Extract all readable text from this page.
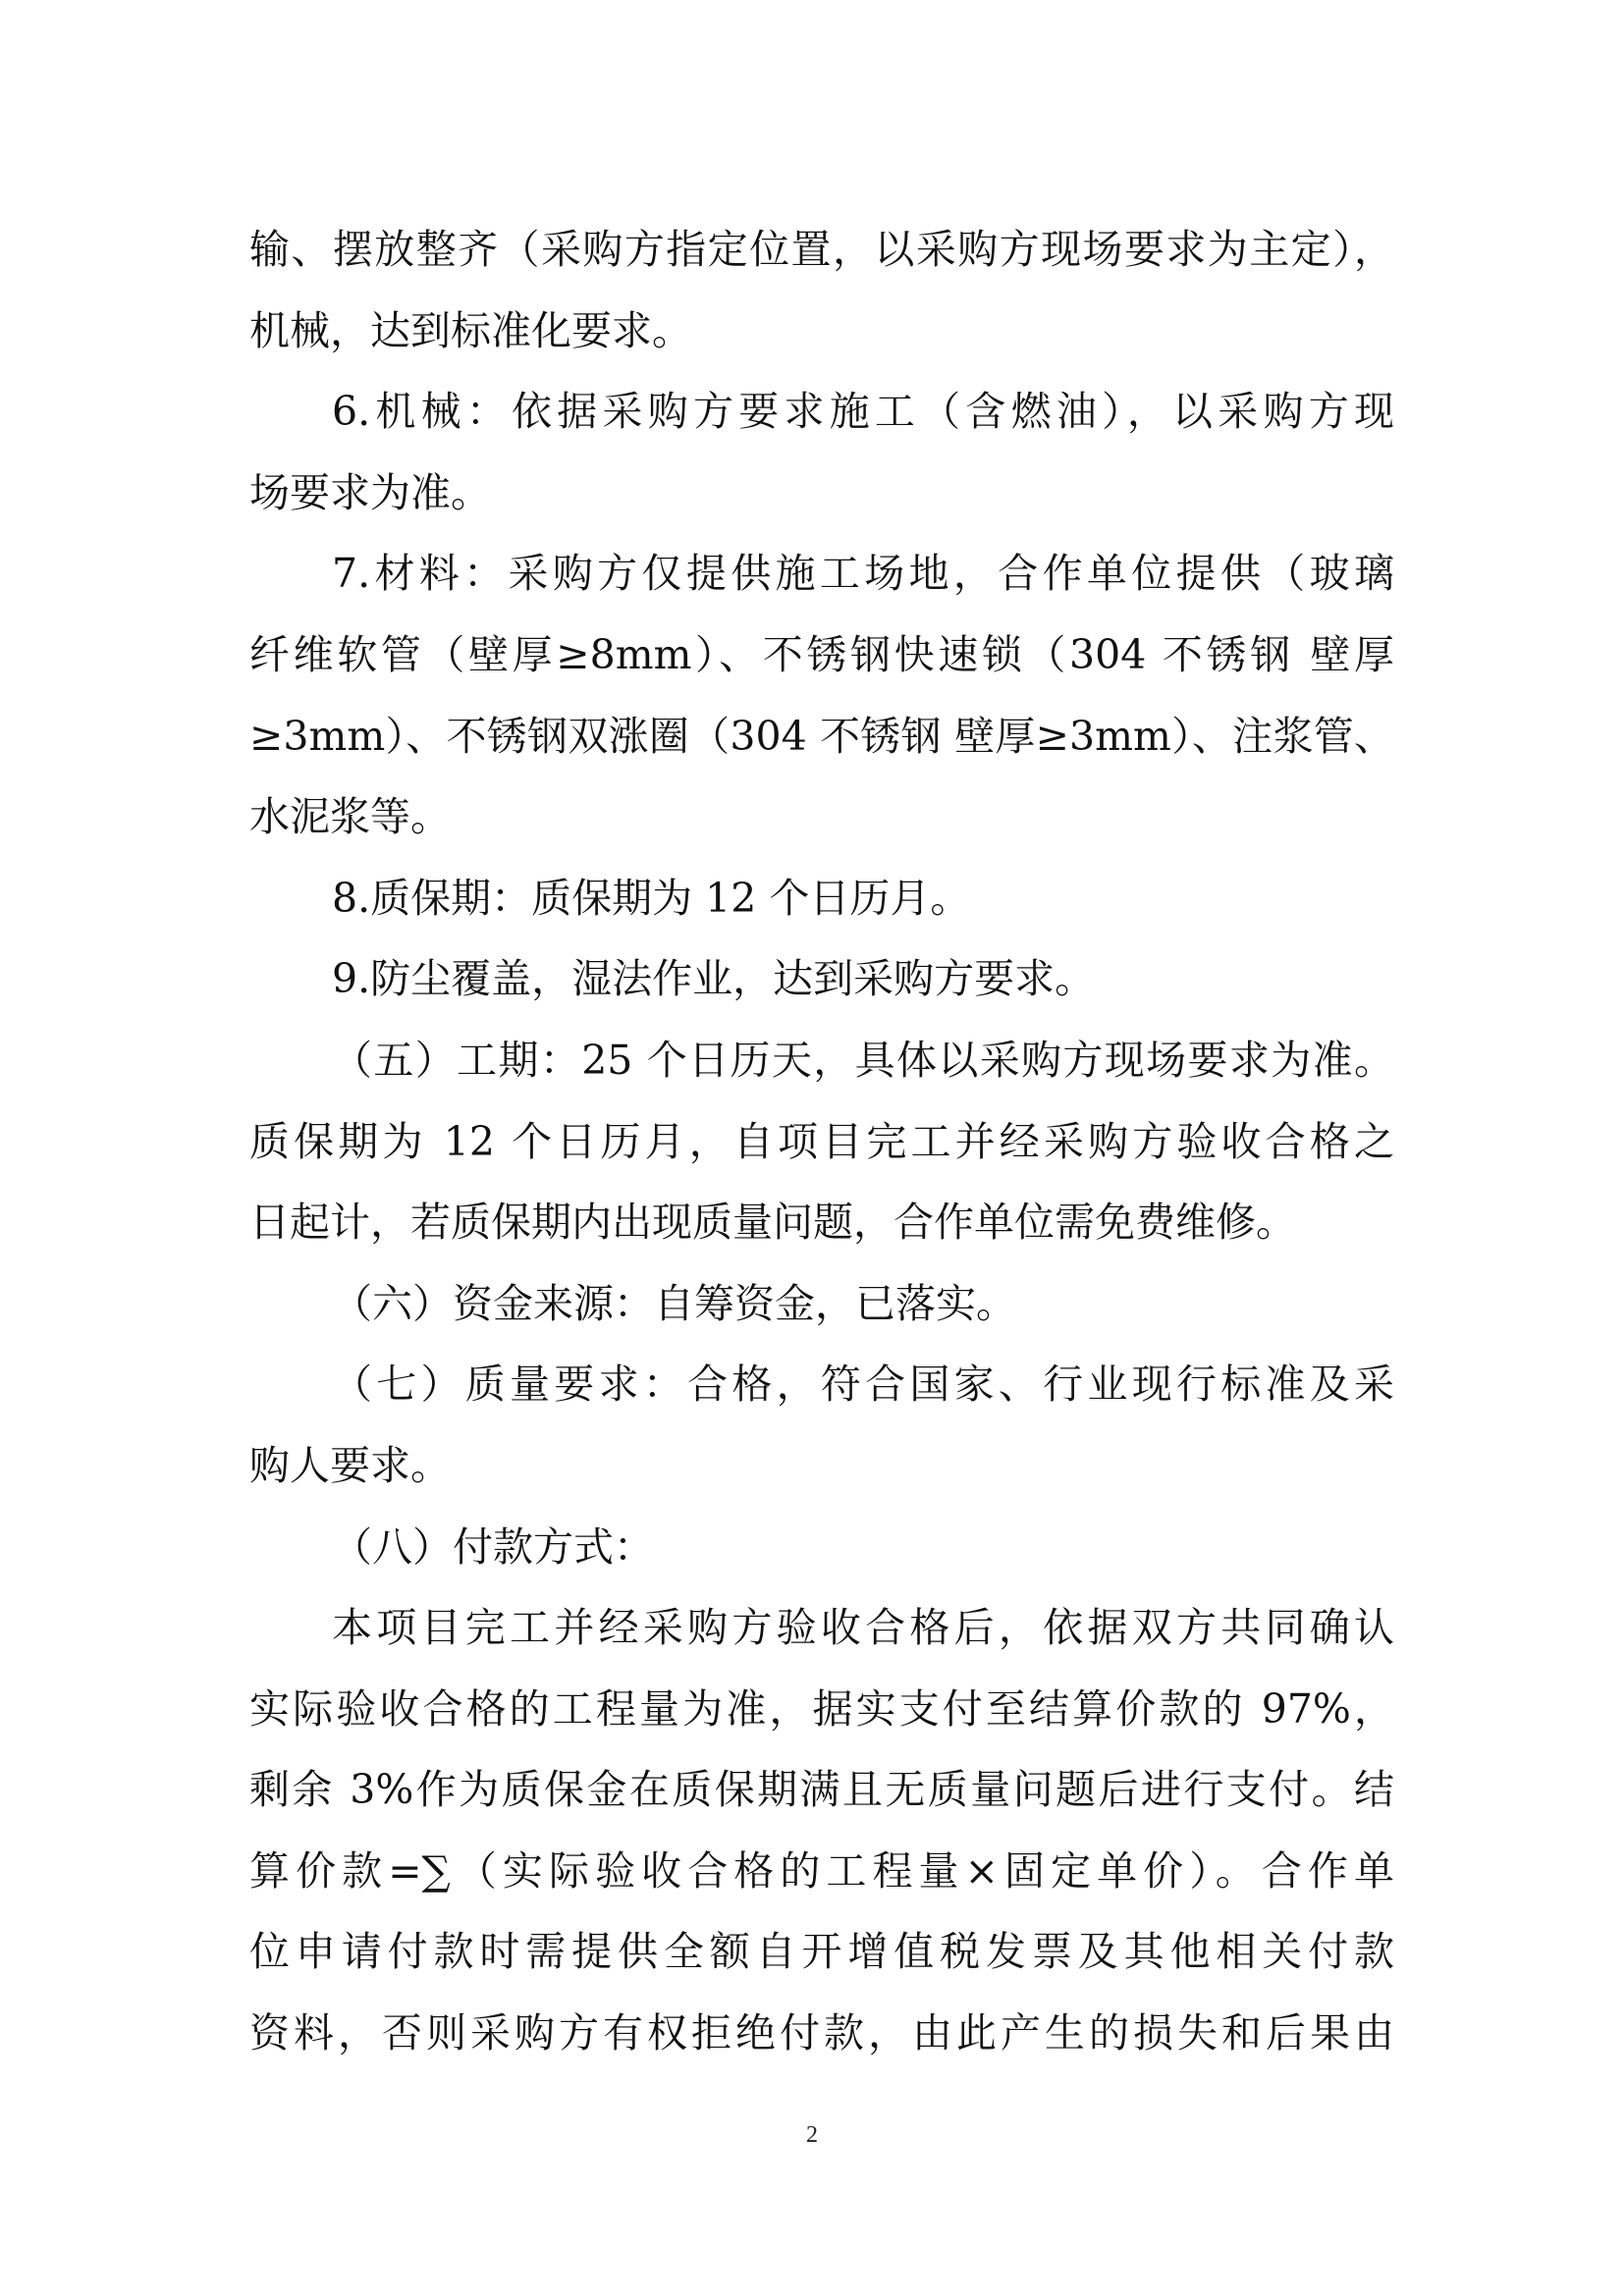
输、摆放整齐（采购方指定位置，以采购方现场要求为主定），
机械，达到标准化要求。
6.机械：依据采购方要求施工（含燃油），以采购方现
场要求为准。
7.材料：采购方仅提供施工场地，合作单位提供（玻璃
纤维软管（壁厚≥8mm）、不锈钢快速锁（304 不锈钢 壁厚
≥3mm）、不锈钢双涨圈（304 不锈钢 壁厚≥3mm）、注浆管、
水泥浆等。
8.质保期：质保期为 12 个日历月。
9.防尘覆盖，湿法作业，达到采购方要求。
（五）工期：25 个日历天，具体以采购方现场要求为准。
质保期为 12 个日历月，自项目完工并经采购方验收合格之
日起计，若质保期内出现质量问题，合作单位需免费维修。
（六）资金来源：自筹资金，已落实。
（七）质量要求：合格，符合国家、行业现行标准及采
购人要求。
（八）付款方式：
本项目完工并经采购方验收合格后，依据双方共同确认
实际验收合格的工程量为准，据实支付至结算价款的 97%，
剩余 3%作为质保金在质保期满且无质量问题后进行支付。结
算价款=∑（实际验收合格的工程量×固定单价）。合作单
位申请付款时需提供全额自开增值税发票及其他相关付款
资料，否则采购方有权拒绝付款，由此产生的损失和后果由
2
